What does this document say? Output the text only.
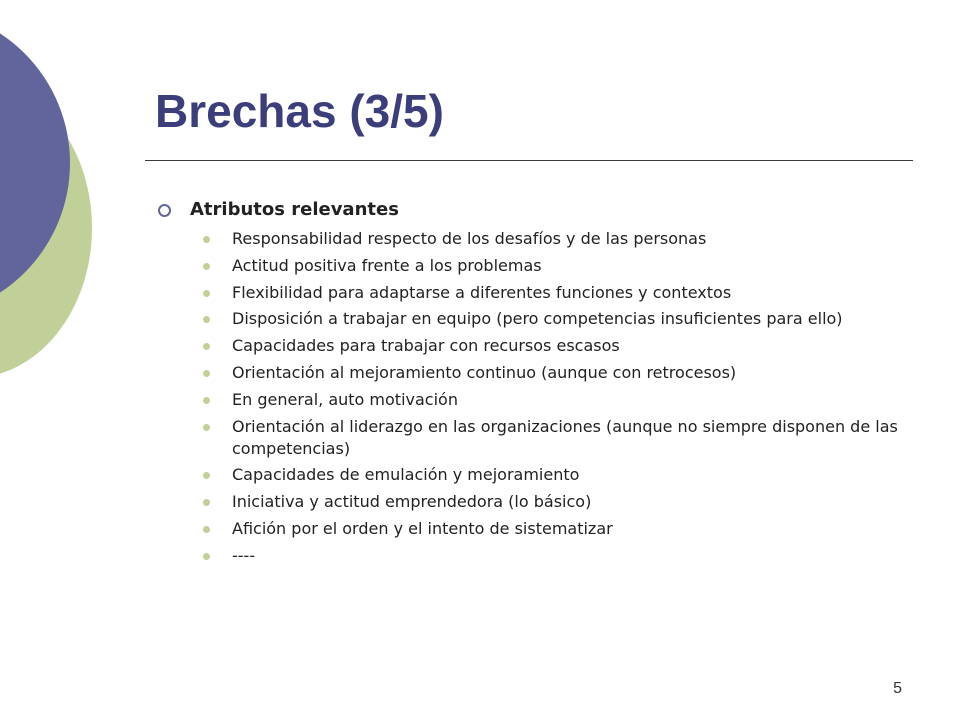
Brechas (3/5)
Atributos relevantes
Responsabilidad respecto de los desafíos y de las personas
Actitud positiva frente a los problemas
Flexibilidad para adaptarse a diferentes funciones y contextos
Disposición a trabajar en equipo (pero competencias insuficientes para ello)
Capacidades para trabajar con recursos escasos
Orientación al mejoramiento continuo (aunque con retrocesos)
En general, auto motivación
Orientación al liderazgo en las organizaciones (aunque no siempre disponen de las competencias)
Capacidades de emulación y mejoramiento
Iniciativa y actitud emprendedora (lo básico)
Afición por el orden y el intento de sistematizar
----
5
